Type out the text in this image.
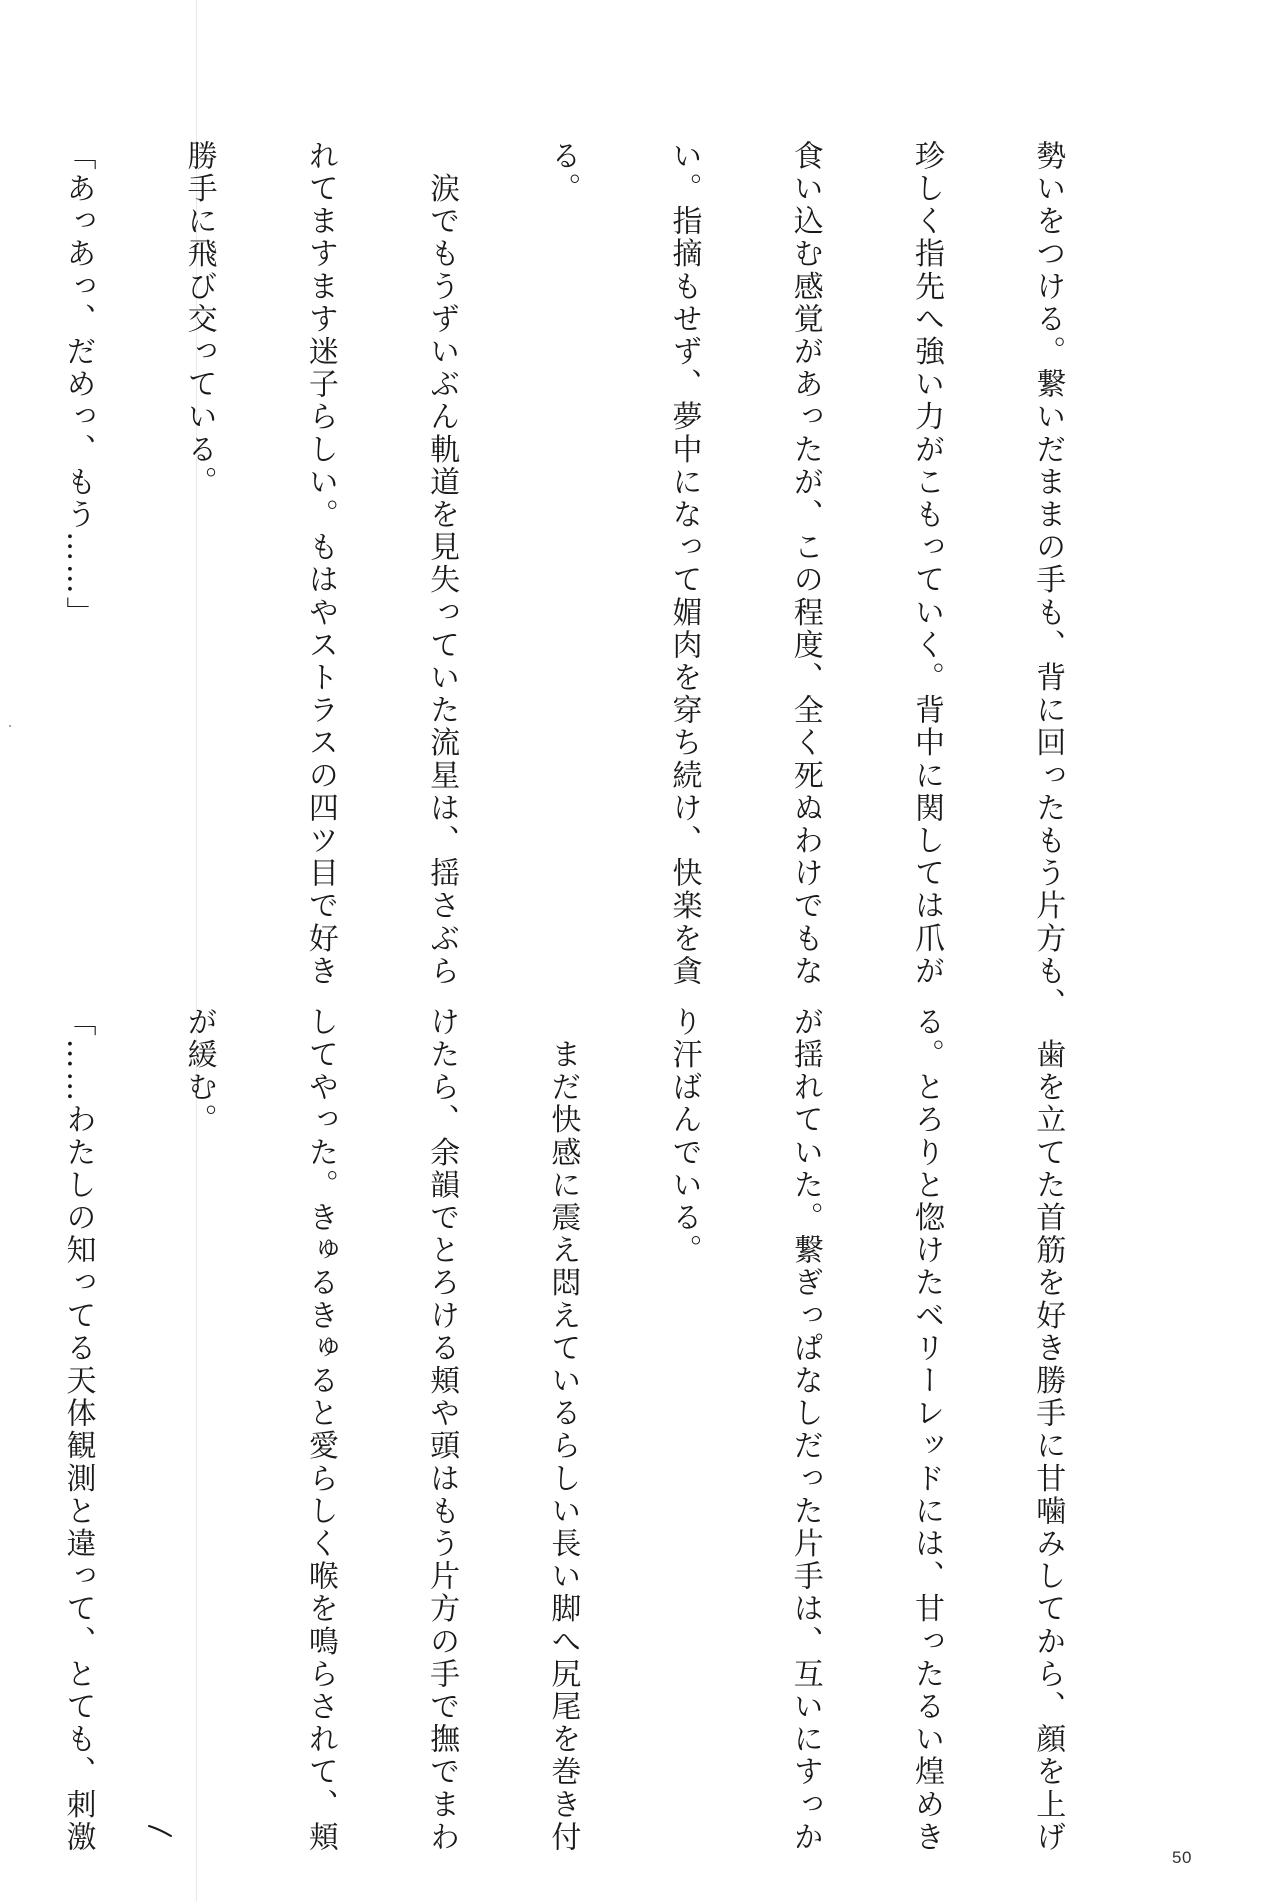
勢いをつける。繋いだままの手も、背に回ったもう片方も、

珍しく指先へ強い力がこもっていく。背中に関しては爪が

食い込む感覚があったが、この程度、全く死ぬわけでもな

い。指摘もせず、夢中になって媚肉を穿ち続け、快楽を貪

る。

　涙でもうずいぶん軌道を見失っていた流星は、揺さぶら

れてますます迷子らしい。もはやストラスの四ツ目で好き

勝手に飛び交っている。

「あっあっ、だめっ、もう……」

　歯を立てた首筋を好き勝手に甘噛みしてから、顔を上げ

る。とろりと惚けたベリーレッドには、甘ったるい煌めき

が揺れていた。繋ぎっぱなしだった片手は、互いにすっか

り汗ばんでいる。

　まだ快感に震え悶えているらしい長い脚へ尻尾を巻き付

けたら、余韻でとろける頬や頭はもう片方の手で撫でまわ

してやった。きゅるきゅると愛らしく喉を鳴らされて、頬

が緩む。

「……わたしの知ってる天体観測と違って、とても、刺激

50
